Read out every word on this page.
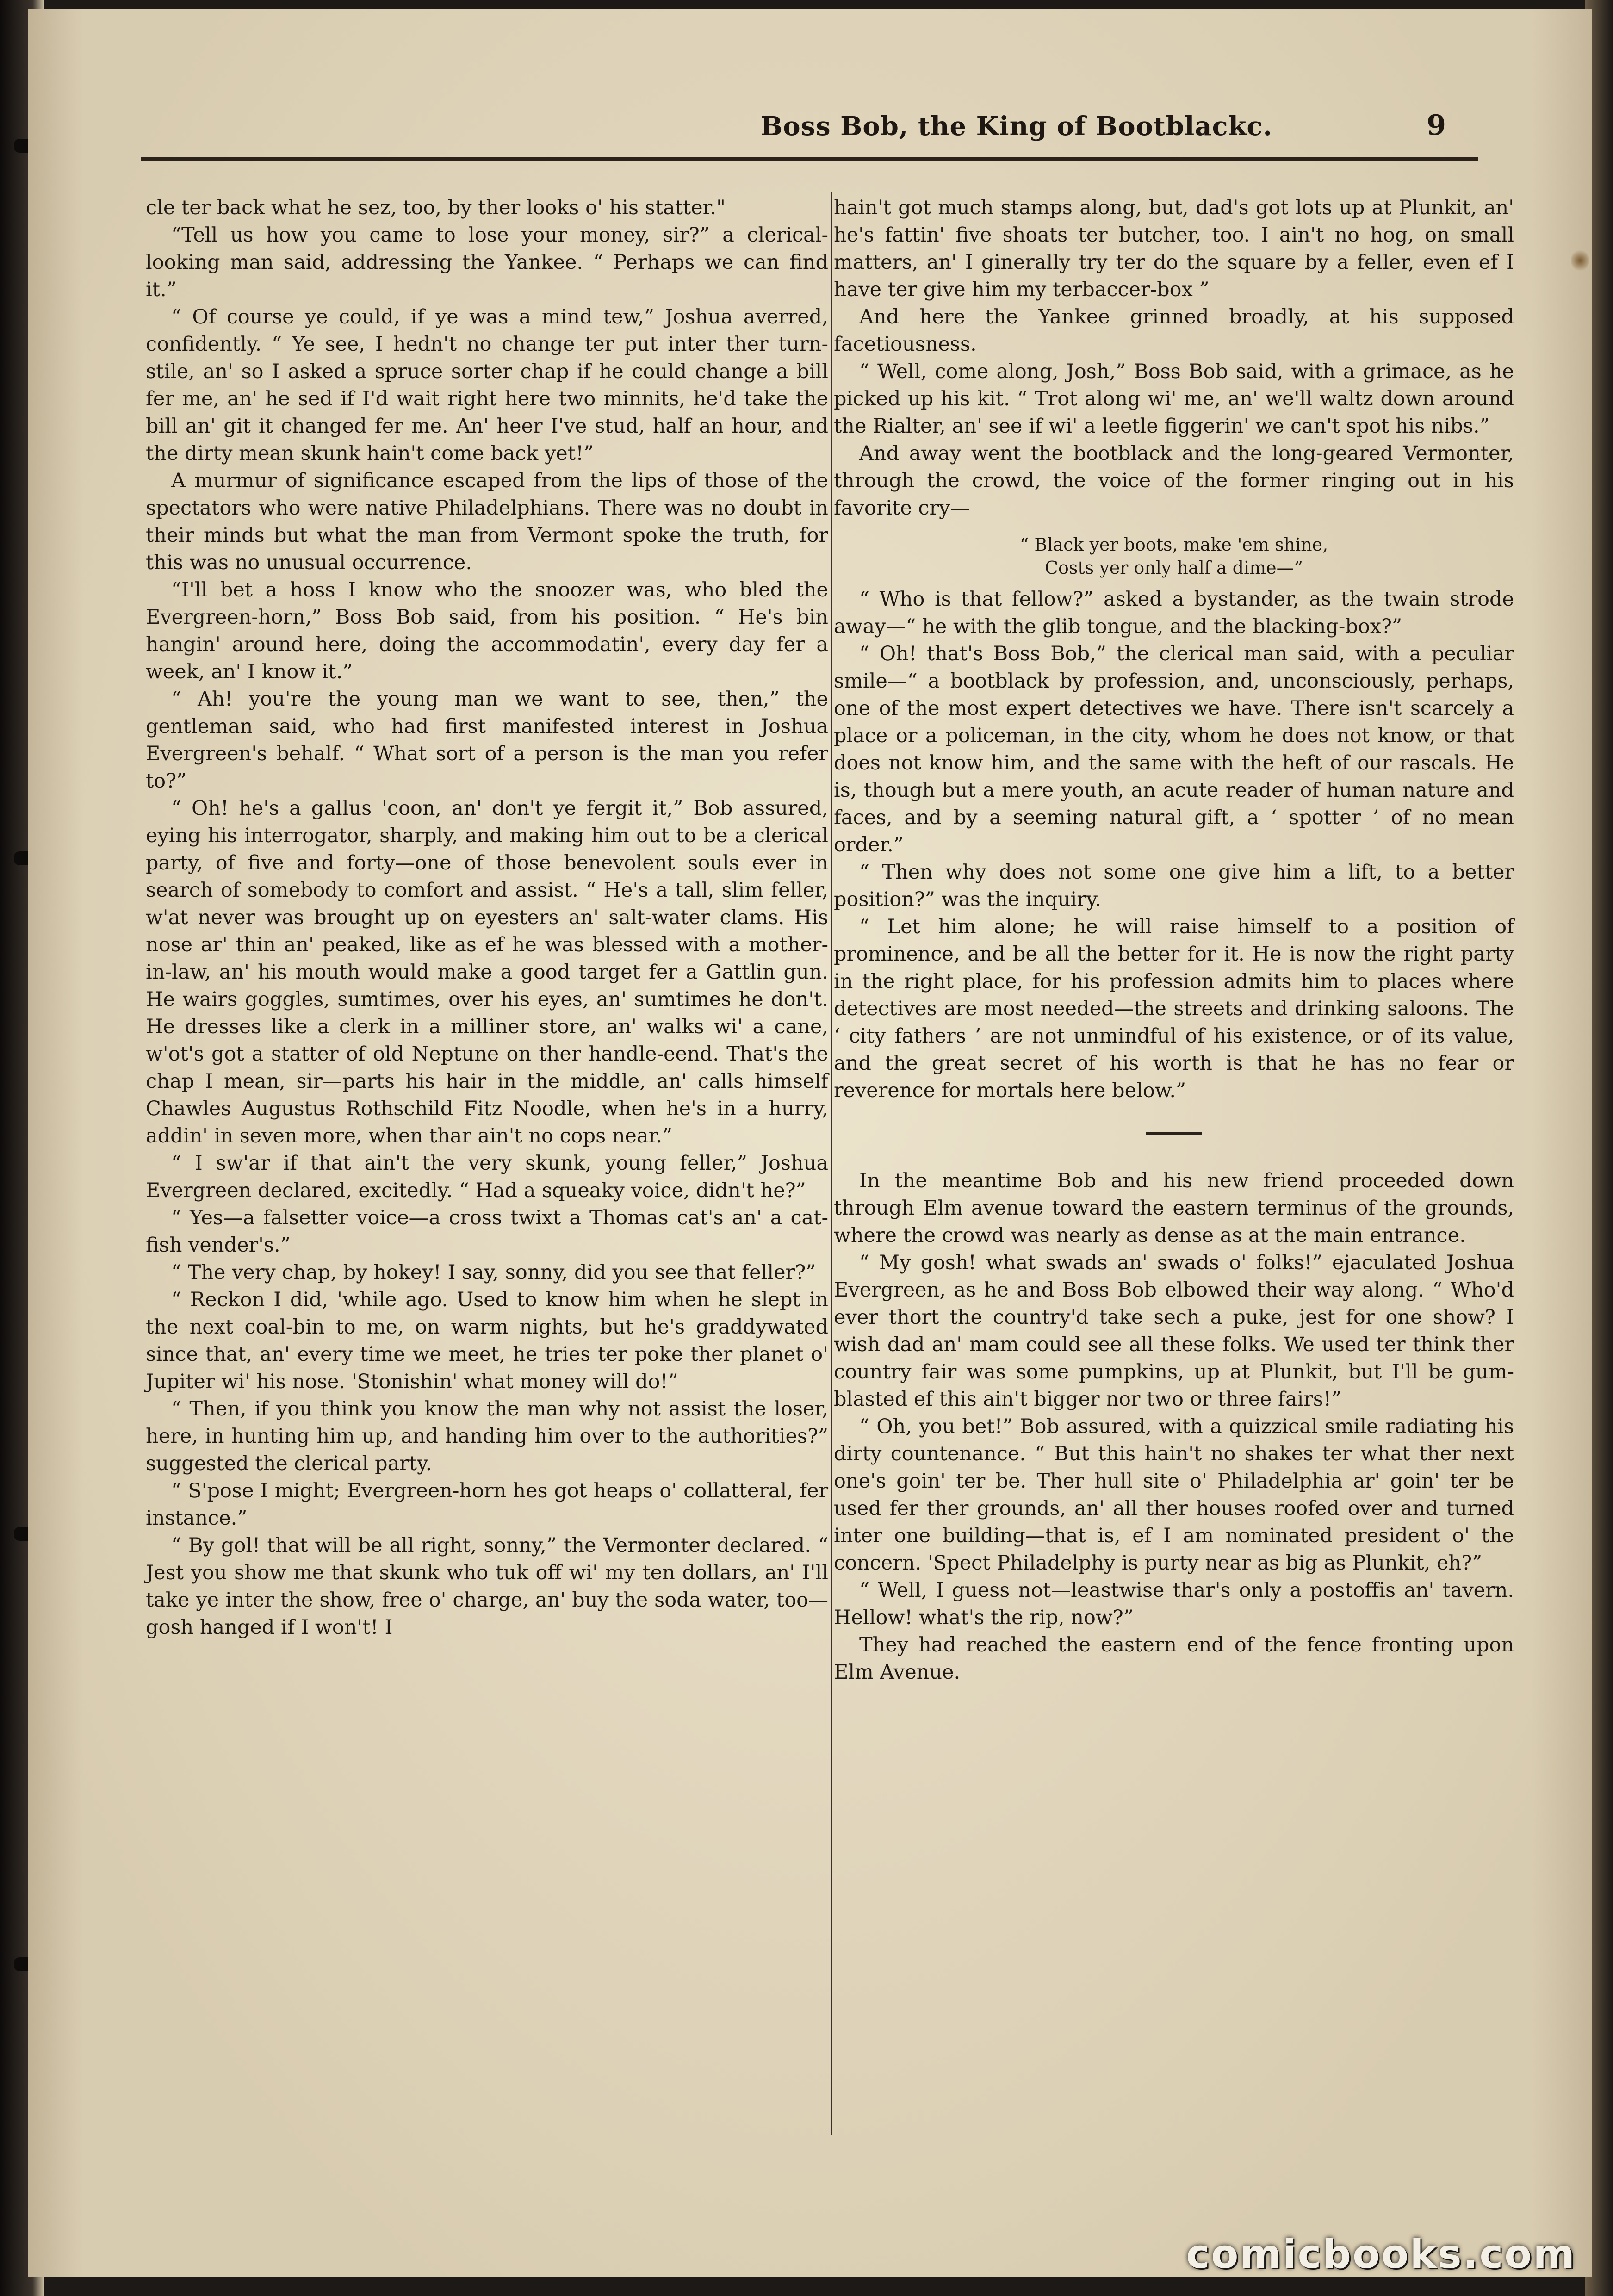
Boss Bob, the King of Bootblackc.	9

cle ter back what he sez, too, by ther looks o' his statter."

“Tell us how you came to lose your money, sir?” a clerical-looking man said, addressing the Yankee. “ Perhaps we can find it.”

“ Of course ye could, if ye was a mind tew,” Joshua averred, confidently. “ Ye see, I hedn't no change ter put inter ther turn-stile, an' so I asked a spruce sorter chap if he could change a bill fer me, an' he sed if I'd wait right here two minnits, he'd take the bill an' git it changed fer me. An' heer I've stud, half an hour, and the dirty mean skunk hain't come back yet!”

A murmur of significance escaped from the lips of those of the spectators who were native Philadelphians. There was no doubt in their minds but what the man from Vermont spoke the truth, for this was no unusual occurrence.

“I'll bet a hoss I know who the snoozer was, who bled the Evergreen-horn,” Boss Bob said, from his position. “ He's bin hangin' around here, doing the accommodatin', every day fer a week, an' I know it.”

“ Ah! you're the young man we want to see, then,” the gentleman said, who had first manifested interest in Joshua Evergreen's behalf. “ What sort of a person is the man you refer to?”

“ Oh! he's a gallus 'coon, an' don't ye fergit it,” Bob assured, eying his interrogator, sharply, and making him out to be a clerical party, of five and forty—one of those benevolent souls ever in search of somebody to comfort and assist. “ He's a tall, slim feller, w'at never was brought up on eyesters an' salt-water clams. His nose ar' thin an' peaked, like as ef he was blessed with a mother-in-law, an' his mouth would make a good target fer a Gattlin gun. He wairs goggles, sumtimes, over his eyes, an' sumtimes he don't. He dresses like a clerk in a milliner store, an' walks wi' a cane, w'ot's got a statter of old Neptune on ther handle-eend. That's the chap I mean, sir—parts his hair in the middle, an' calls himself Chawles Augustus Rothschild Fitz Noodle, when he's in a hurry, addin' in seven more, when thar ain't no cops near.”

“ I sw'ar if that ain't the very skunk, young feller,” Joshua Evergreen declared, excitedly. “ Had a squeaky voice, didn't he?”

“ Yes—a falsetter voice—a cross twixt a Thomas cat's an' a cat-fish vender's.”

“ The very chap, by hokey! I say, sonny, did you see that feller?”

“ Reckon I did, 'while ago. Used to know him when he slept in the next coal-bin to me, on warm nights, but he's graddywated since that, an' every time we meet, he tries ter poke ther planet o' Jupiter wi' his nose. 'Stonishin' what money will do!”

“ Then, if you think you know the man why not assist the loser, here, in hunting him up, and handing him over to the authorities?” suggested the clerical party.

“ S'pose I might; Evergreen-horn hes got heaps o' collatteral, fer instance.”

“ By gol! that will be all right, sonny,” the Vermonter declared. “ Jest you show me that skunk who tuk off wi' my ten dollars, an' I'll take ye inter the show, free o' charge, an' buy the soda water, too—gosh hanged if I won't! I

hain't got much stamps along, but, dad's got lots up at Plunkit, an' he's fattin' five shoats ter butcher, too. I ain't no hog, on small matters, an' I ginerally try ter do the square by a feller, even ef I have ter give him my terbaccer-box ”

And here the Yankee grinned broadly, at his supposed facetiousness.

“ Well, come along, Josh,” Boss Bob said, with a grimace, as he picked up his kit. “ Trot along wi' me, an' we'll waltz down around the Rialter, an' see if wi' a leetle figgerin' we can't spot his nibs.”

And away went the bootblack and the long-geared Vermonter, through the crowd, the voice of the former ringing out in his favorite cry—

“ Black yer boots, make 'em shine,
Costs yer only half a dime—”

“ Who is that fellow?” asked a bystander, as the twain strode away—“ he with the glib tongue, and the blacking-box?”

“ Oh! that's Boss Bob,” the clerical man said, with a peculiar smile—“ a bootblack by profession, and, unconsciously, perhaps, one of the most expert detectives we have. There isn't scarcely a place or a policeman, in the city, whom he does not know, or that does not know him, and the same with the heft of our rascals. He is, though but a mere youth, an acute reader of human nature and faces, and by a seeming natural gift, a ‘ spotter ’ of no mean order.”

“ Then why does not some one give him a lift, to a better position?” was the inquiry.

“ Let him alone; he will raise himself to a position of prominence, and be all the better for it. He is now the right party in the right place, for his profession admits him to places where detectives are most needed—the streets and drinking saloons. The ‘ city fathers ’ are not unmindful of his existence, or of its value, and the great secret of his worth is that he has no fear or reverence for mortals here below.”

In the meantime Bob and his new friend proceeded down through Elm avenue toward the eastern terminus of the grounds, where the crowd was nearly as dense as at the main entrance.

“ My gosh! what swads an' swads o' folks!” ejaculated Joshua Evergreen, as he and Boss Bob elbowed their way along. “ Who'd ever thort the country'd take sech a puke, jest for one show? I wish dad an' mam could see all these folks. We used ter think ther country fair was some pumpkins, up at Plunkit, but I'll be gum-blasted ef this ain't bigger nor two or three fairs!”

“ Oh, you bet!” Bob assured, with a quizzical smile radiating his dirty countenance. “ But this hain't no shakes ter what ther next one's goin' ter be. Ther hull site o' Philadelphia ar' goin' ter be used fer ther grounds, an' all ther houses roofed over and turned inter one building—that is, ef I am nominated president o' the concern. 'Spect Philadelphy is purty near as big as Plunkit, eh?”

“ Well, I guess not—leastwise thar's only a postoffis an' tavern. Hellow! what's the rip, now?”

They had reached the eastern end of the fence fronting upon Elm Avenue.

comicbooks.com
